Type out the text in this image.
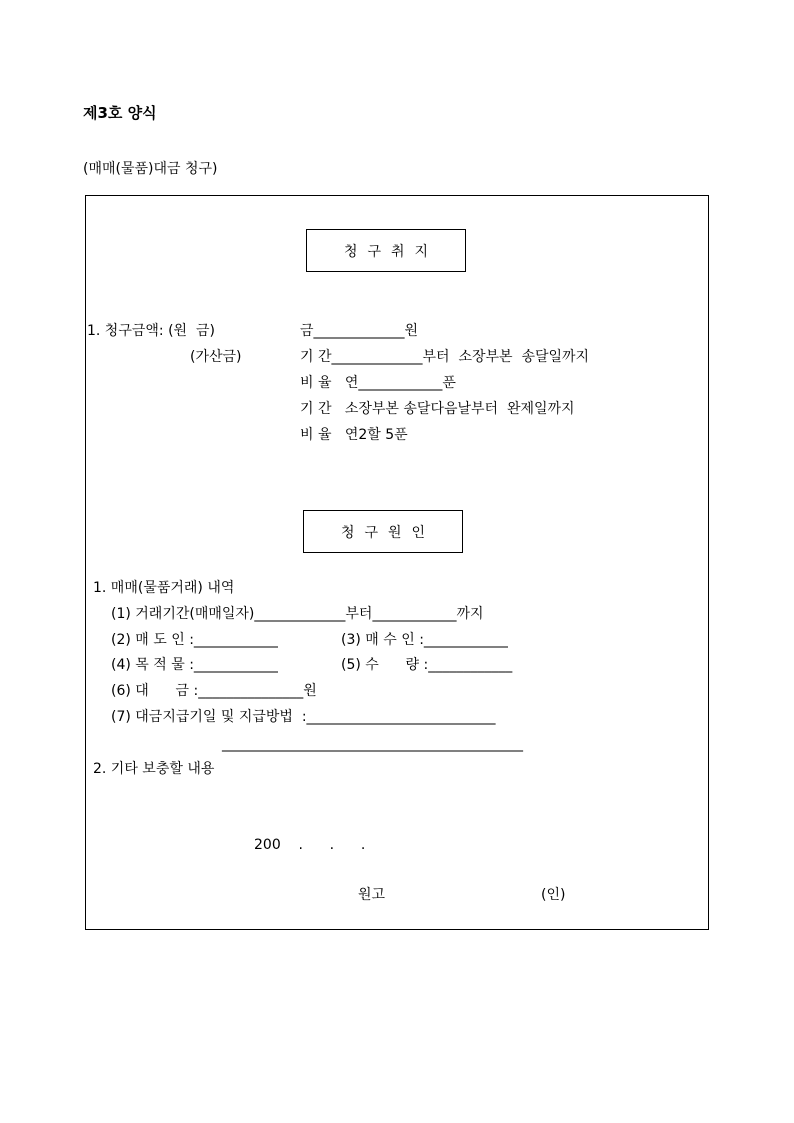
제3호 양식
(매매(물품)대금 청구)
청구취지
1. 청구금액: (원  금)	금_____________원
(가산금)	기 간_____________부터  소장부본  송달일까지
비 율   연____________푼
기 간   소장부본 송달다음날부터  완제일까지
비 율   연2할 5푼
청구원인
1. 매매(물품거래) 내역
(1) 거래기간(매매일자)_____________부터____________까지
(2) 매 도 인 :____________	(3) 매 수 인 :____________
(4) 목 적 물 :____________	(5) 수      량 :____________
(6) 대      금 :_______________원
(7) 대금지급기일 및 지급방법  :___________________________
___________________________________________
2. 기타 보충할 내용
200    .      .      .
원고	(인)
